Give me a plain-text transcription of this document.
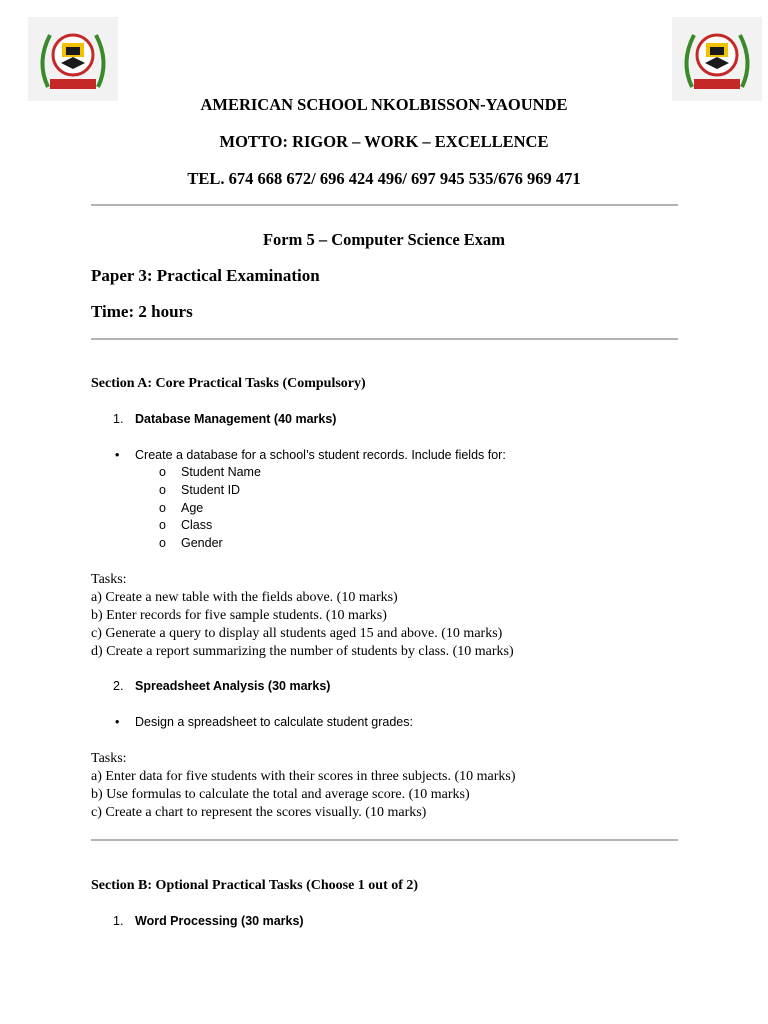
AMERICAN SCHOOL NKOLBISSON-YAOUNDE
MOTTO: RIGOR – WORK – EXCELLENCE
TEL. 674 668 672/ 696 424 496/ 697 945 535/676 969 471
Form 5 – Computer Science Exam
Paper 3: Practical Examination
Time: 2 hours
Section A: Core Practical Tasks (Compulsory)
1. Database Management (40 marks)
• Create a database for a school’s student records. Include fields for:
o Student Name
o Student ID
o Age
o Class
o Gender
Tasks:
a) Create a new table with the fields above. (10 marks)
b) Enter records for five sample students. (10 marks)
c) Generate a query to display all students aged 15 and above. (10 marks)
d) Create a report summarizing the number of students by class. (10 marks)
2. Spreadsheet Analysis (30 marks)
• Design a spreadsheet to calculate student grades:
Tasks:
a) Enter data for five students with their scores in three subjects. (10 marks)
b) Use formulas to calculate the total and average score. (10 marks)
c) Create a chart to represent the scores visually. (10 marks)
Section B: Optional Practical Tasks (Choose 1 out of 2)
1. Word Processing (30 marks)
